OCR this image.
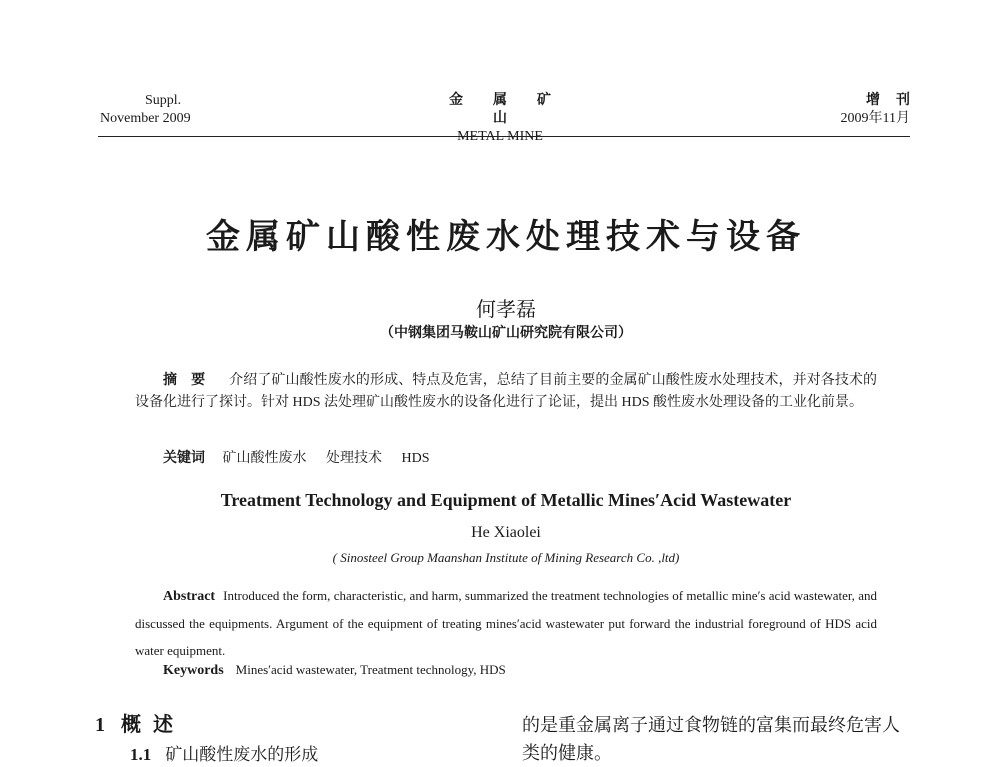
Suppl.
November 2009
金属矿山
METAL MINE
增刊
2009年11月
金属矿山酸性废水处理技术与设备
何孝磊
（中钢集团马鞍山矿山研究院有限公司）
摘要 介绍了矿山酸性废水的形成、特点及危害，总结了目前主要的金属矿山酸性废水处理技术，并对各技术的设备化进行了探讨。针对 HDS 法处理矿山酸性废水的设备化进行了论证，提出 HDS 酸性废水处理设备的工业化前景。
关键词 矿山酸性废水 处理技术 HDS
Treatment Technology and Equipment of Metallic Mines′Acid Wastewater
He Xiaolei
( Sinosteel Group Maanshan Institute of Mining Research Co. ,ltd)
Abstract Introduced the form, characteristic, and harm, summarized the treatment technologies of metallic mine′s acid wastewater, and discussed the equipments. Argument of the equipment of treating mines′acid wastewater put forward the industrial foreground of HDS acid water equipment.
Keywords Mines′acid wastewater, Treatment technology, HDS
1 概述
1.1 矿山酸性废水的形成
的是重金属离子通过食物链的富集而最终危害人类的健康。
